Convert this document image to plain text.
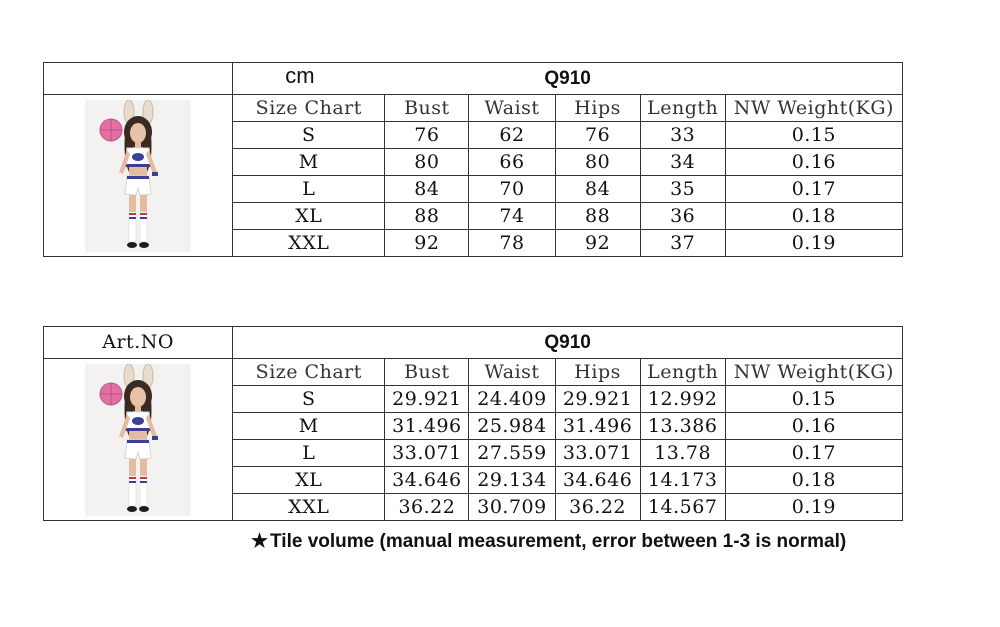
	cm Q910					

	Size Chart	Bust	Waist	Hips	Length	NW Weight(KG)
	S	76	62	76	33	0.15
	M	80	66	80	34	0.16
	L	84	70	84	35	0.17
	XL	88	74	88	36	0.18
	XXL	92	78	92	37	0.19
Art.NO	Q910					

	Size Chart	Bust	Waist	Hips	Length	NW Weight(KG)
	S	29.921	24.409	29.921	12.992	0.15
	M	31.496	25.984	31.496	13.386	0.16
	L	33.071	27.559	33.071	13.78	0.17
	XL	34.646	29.134	34.646	14.173	0.18
	XXL	36.22	30.709	36.22	14.567	0.19
★ Tile volume (manual measurement, error between 1-3 is normal)
